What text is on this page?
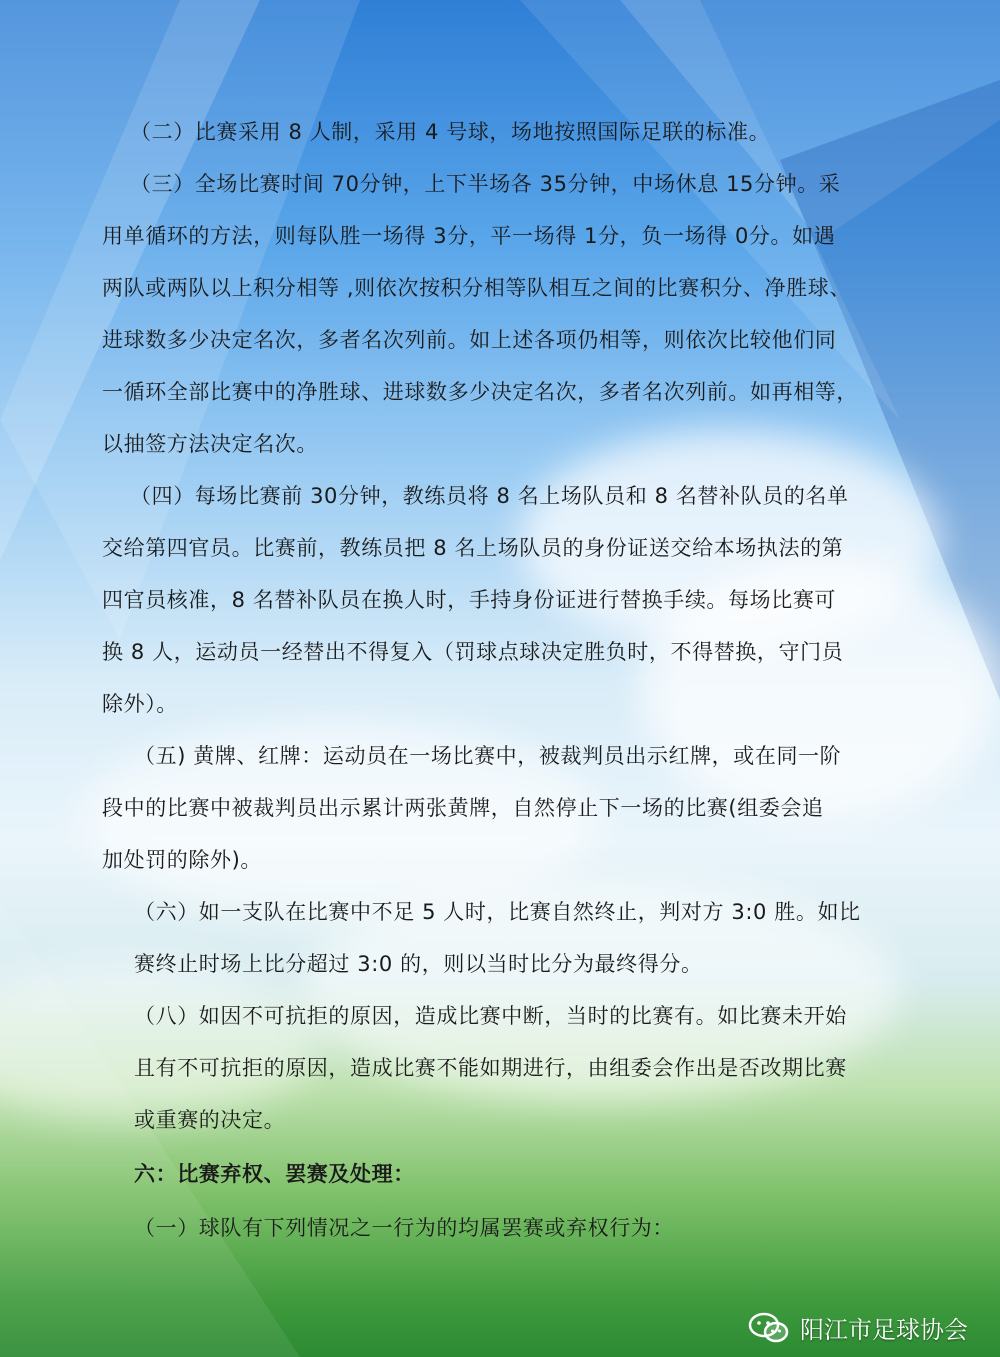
（二）比赛采用 8 人制，采用 4 号球，场地按照国际足联的标准。
（三）全场比赛时间 70分钟，上下半场各 35分钟，中场休息 15分钟。采
用单循环的方法，则每队胜一场得 3分，平一场得 1分，负一场得 0分。如遇
两队或两队以上积分相等 ,则依次按积分相等队相互之间的比赛积分、净胜球、
进球数多少决定名次，多者名次列前。如上述各项仍相等，则依次比较他们同
一循环全部比赛中的净胜球、进球数多少决定名次，多者名次列前。如再相等，
以抽签方法决定名次。
（四）每场比赛前 30分钟，教练员将 8 名上场队员和 8 名替补队员的名单
交给第四官员。比赛前，教练员把 8 名上场队员的身份证送交给本场执法的第
四官员核准，8 名替补队员在换人时，手持身份证进行替换手续。每场比赛可
换 8 人，运动员一经替出不得复入（罚球点球决定胜负时，不得替换，守门员
除外）。
（五) 黄牌、红牌：运动员在一场比赛中，被裁判员出示红牌，或在同一阶
段中的比赛中被裁判员出示累计两张黄牌，自然停止下一场的比赛(组委会追
加处罚的除外)。
（六）如一支队在比赛中不足 5 人时，比赛自然终止，判对方 3:0 胜。如比
赛终止时场上比分超过 3:0 的，则以当时比分为最终得分。
（八）如因不可抗拒的原因，造成比赛中断，当时的比赛有。如比赛未开始
且有不可抗拒的原因，造成比赛不能如期进行，由组委会作出是否改期比赛
或重赛的决定。
六：比赛弃权、罢赛及处理：
（一）球队有下列情况之一行为的均属罢赛或弃权行为：
阳江市足球协会
